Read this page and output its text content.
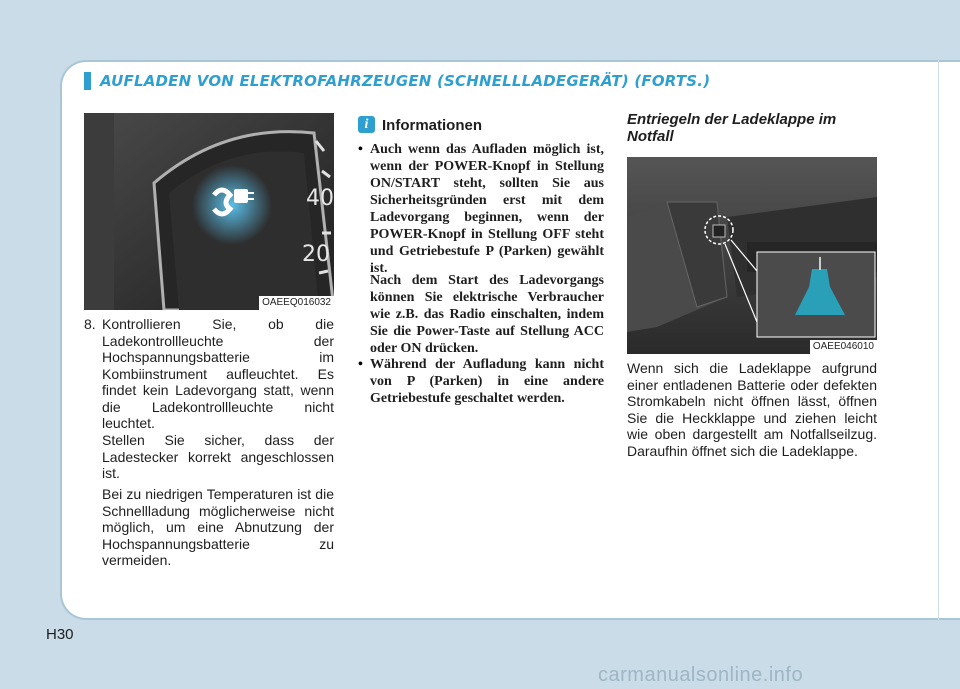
AUFLADEN VON ELEKTROFAHRZEUGEN (SCHNELLLADEGERÄT) (FORTS.)
40
20
OAEEQ016032
8. Kontrollieren Sie, ob die Ladekontrollleuchte der Hochspannungsbatterie im Kombiinstrument aufleuchtet. Es findet kein Ladevorgang statt, wenn die Ladekontrollleuchte nicht leuchtet.
Stellen Sie sicher, dass der Ladestecker korrekt angeschlossen ist.
Bei zu niedrigen Temperaturen ist die Schnellladung möglicherweise nicht möglich, um eine Abnutzung der Hochspannungsbatterie zu vermeiden.
i Informationen
• Auch wenn das Aufladen möglich ist, wenn der POWER-Knopf in Stellung ON/START steht, sollten Sie aus Sicherheitsgründen erst mit dem Ladevorgang beginnen, wenn der POWER-Knopf in Stellung OFF steht und Getriebestufe P (Parken) gewählt ist.
Nach dem Start des Ladevorgangs können Sie elektrische Verbraucher wie z.B. das Radio einschalten, indem Sie die Power-Taste auf Stellung ACC oder ON drücken.
• Während der Aufladung kann nicht von P (Parken) in eine andere Getriebestufe geschaltet werden.
Entriegeln der Ladeklappe im Notfall
OAEE046010
Wenn sich die Ladeklappe aufgrund einer entladenen Batterie oder defekten Stromkabeln nicht öffnen lässt, öffnen Sie die Heckklappe und ziehen leicht wie oben dargestellt am Notfallseilzug. Daraufhin öffnet sich die Ladeklappe.
H30
carmanualsonline.info
